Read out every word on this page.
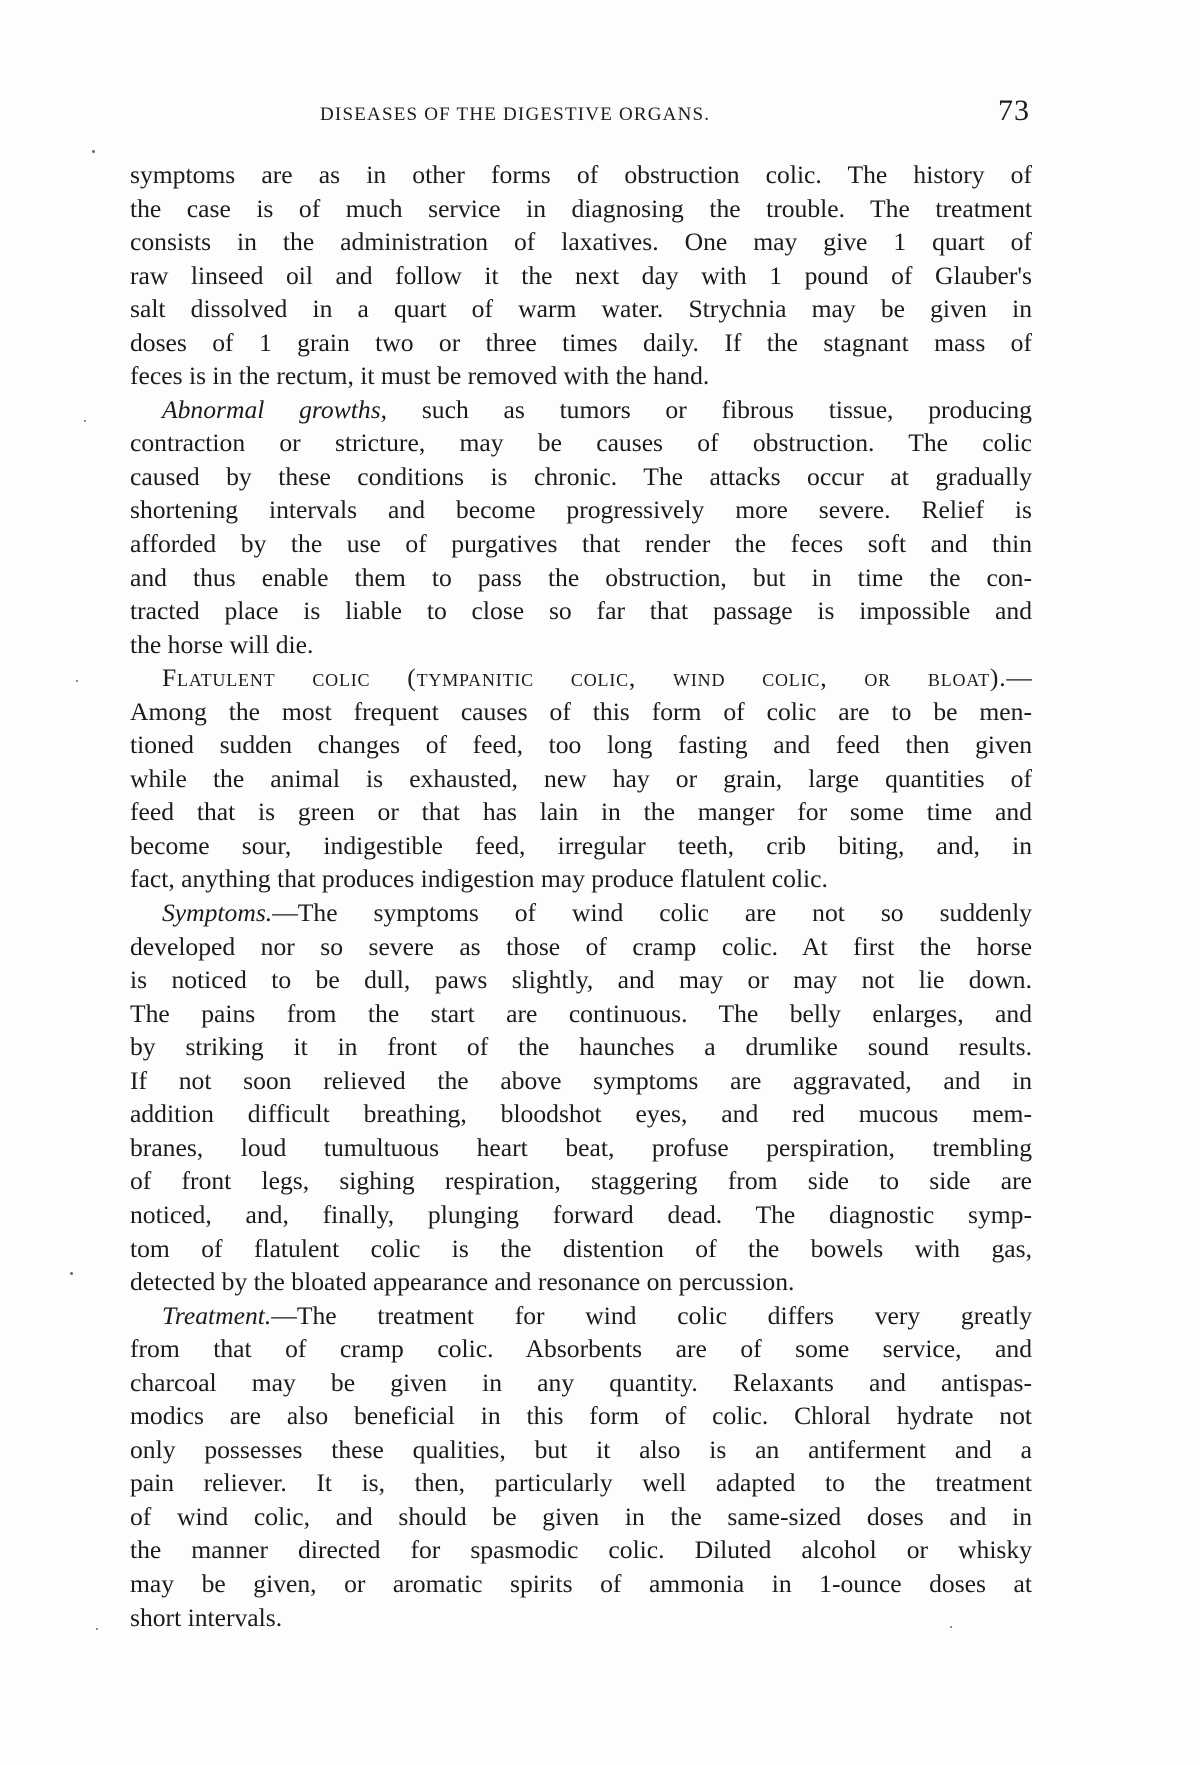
DISEASES OF THE DIGESTIVE ORGANS.	73
symptoms are as in other forms of obstruction colic. The history of
the case is of much service in diagnosing the trouble. The treatment
consists in the administration of laxatives. One may give 1 quart of
raw linseed oil and follow it the next day with 1 pound of Glauber's
salt dissolved in a quart of warm water. Strychnia may be given in
doses of 1 grain two or three times daily. If the stagnant mass of
feces is in the rectum, it must be removed with the hand.
Abnormal growths, such as tumors or fibrous tissue, producing
contraction or stricture, may be causes of obstruction. The colic
caused by these conditions is chronic. The attacks occur at gradually
shortening intervals and become progressively more severe. Relief is
afforded by the use of purgatives that render the feces soft and thin
and thus enable them to pass the obstruction, but in time the con-
tracted place is liable to close so far that passage is impossible and
the horse will die.
Flatulent colic (tympanitic colic, wind colic, or bloat).—
Among the most frequent causes of this form of colic are to be men-
tioned sudden changes of feed, too long fasting and feed then given
while the animal is exhausted, new hay or grain, large quantities of
feed that is green or that has lain in the manger for some time and
become sour, indigestible feed, irregular teeth, crib biting, and, in
fact, anything that produces indigestion may produce flatulent colic.
Symptoms.—The symptoms of wind colic are not so suddenly
developed nor so severe as those of cramp colic. At first the horse
is noticed to be dull, paws slightly, and may or may not lie down.
The pains from the start are continuous. The belly enlarges, and
by striking it in front of the haunches a drumlike sound results.
If not soon relieved the above symptoms are aggravated, and in
addition difficult breathing, bloodshot eyes, and red mucous mem-
branes, loud tumultuous heart beat, profuse perspiration, trembling
of front legs, sighing respiration, staggering from side to side are
noticed, and, finally, plunging forward dead. The diagnostic symp-
tom of flatulent colic is the distention of the bowels with gas,
detected by the bloated appearance and resonance on percussion.
Treatment.—The treatment for wind colic differs very greatly
from that of cramp colic. Absorbents are of some service, and
charcoal may be given in any quantity. Relaxants and antispas-
modics are also beneficial in this form of colic. Chloral hydrate not
only possesses these qualities, but it also is an antiferment and a
pain reliever. It is, then, particularly well adapted to the treatment
of wind colic, and should be given in the same-sized doses and in
the manner directed for spasmodic colic. Diluted alcohol or whisky
may be given, or aromatic spirits of ammonia in 1-ounce doses at
short intervals.
